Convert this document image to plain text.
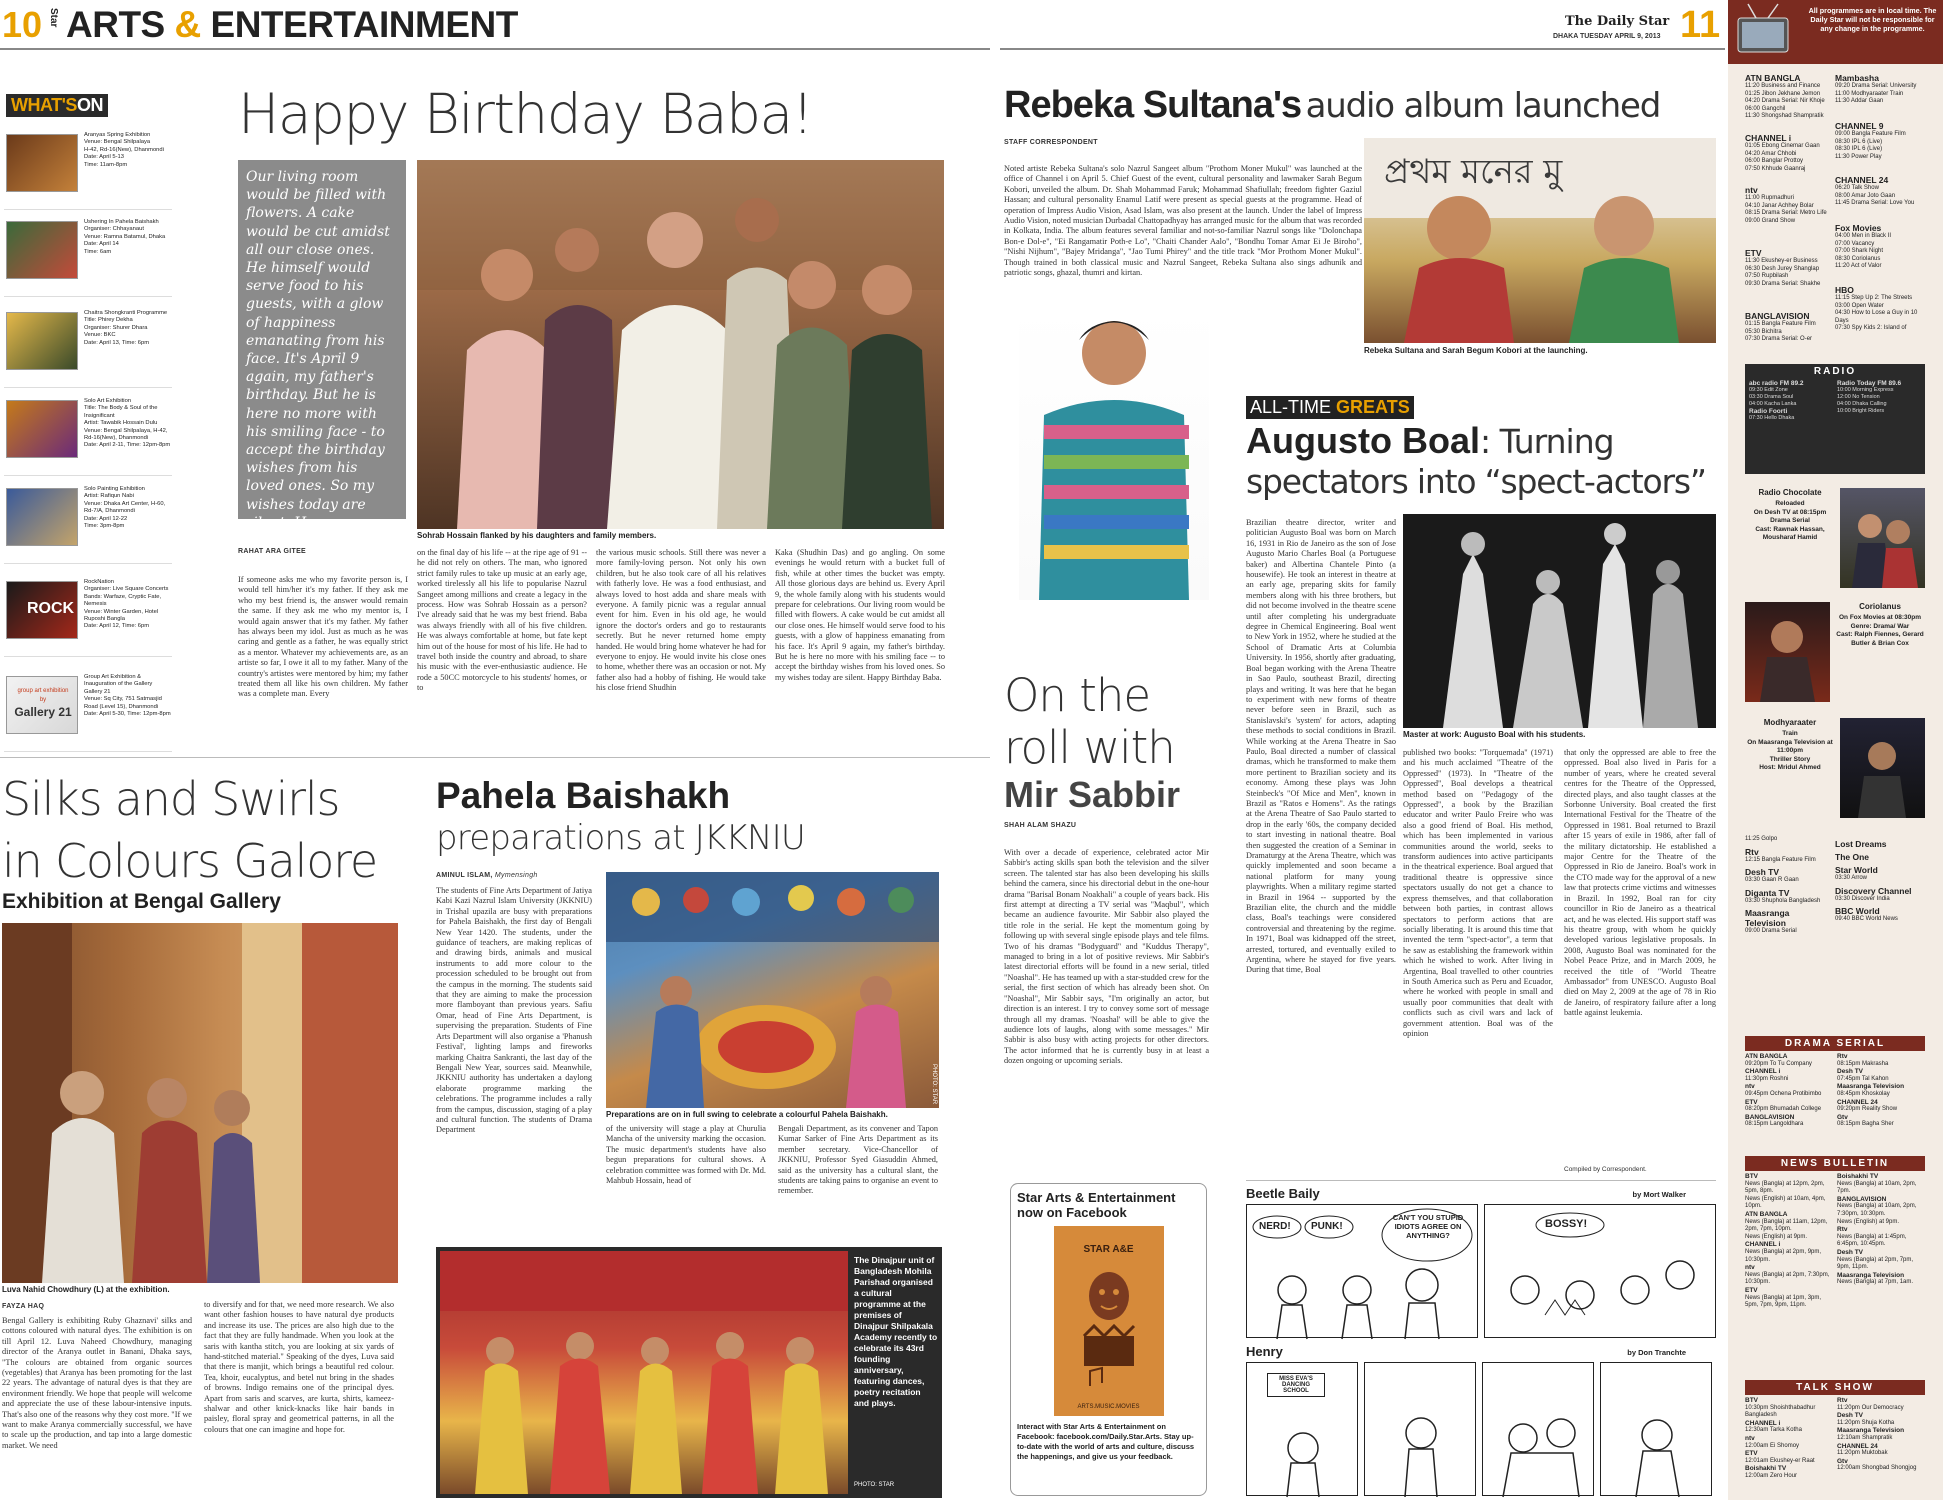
10 Star ARTS & ENTERTAINMENT	The Daily Star
DHAKA TUESDAY APRIL 9, 2013 11
WHAT'SON
Aranyas Spring Exhibition
Venue: Bengal Shilpalaya
H-42, Rd-16(New), Dhanmondi
Date: April 5-13
Time: 11am-8pm
Ushering In Pahela Baishakh
Organiser: Chhayanaut
Venue: Ramna Batamul, Dhaka
Date: April 14
Time: 6am
Chaitra Shongkranti Programme
Title: Phirey Dekha
Organiser: Shurer Dhara
Venue: BKC
Date: April 13, Time: 6pm
Solo Art Exhibition
Title: The Body & Soul of the Insignificant
Artist: Tawabik Hossain Dulu
Venue: Bengal Shilpalaya, H-42, Rd-16(New), Dhanmondi
Date: April 2-11, Time: 12pm-8pm
Solo Painting Exhibition
Artist: Rafiqun Nabi
Venue: Dhaka Art Center, H-60, Rd-7/A, Dhanmondi
Date: April 12-22
Time: 3pm-8pm
ROCK
RockNation
Organiser: Live Square Concerts
Bands: Warfaze, Cryptic Fate, Nemesis
Venue: Winter Garden, Hotel Ruposhi Bangla
Date: April 12, Time: 6pm
group art exhibition
by
Gallery 21
Group Art Exhibition & Inauguration of the Gallery
Gallery 21
Venue: Sq City, 751 Satmasjid Road (Level 15), Dhanmondi
Date: April 5-30, Time: 12pm-8pm
Happy Birthday Baba!
Our living room would be filled with flowers. A cake would be cut amidst all our close ones. He himself would serve food to his guests, with a glow of happiness emanating from his face. It's April 9 again, my father's birthday. But he is here no more with his smiling face - to accept the birthday wishes from his loved ones. So my wishes today are silent. Happy Birthday Baba.	Sohrab Hossain flanked by his daughters and family members.
RAHAT ARA GITEE
If someone asks me who my favorite person is, I would tell him/her it's my father. If they ask me who my best friend is, the answer would remain the same. If they ask me who my mentor is, I would again answer that it's my father. My father has always been my idol. Just as much as he was caring and gentle as a father, he was equally strict as a mentor. Whatever my achievements are, as an artiste so far, I owe it all to my father. Many of the country's artistes were mentored by him; my father treated them all like his own children. My father was a complete man. Every
on the final day of his life -- at the ripe age of 91 -- he did not rely on others. The man, who ignored strict family rules to take up music at an early age, worked tirelessly all his life to popularise Nazrul Sangeet among millions and create a legacy in the process. How was Sohrab Hossain as a person? I've already said that he was my best friend. Baba was always friendly with all of his five children. He was always comfortable at home, but fate kept him out of the house for most of his life. He had to travel both inside the country and abroad, to share his music with the ever-enthusiastic audience. He rode a 50CC motorcycle to his students' homes, or to
the various music schools. Still there was never a more family-loving person. Not only his own children, but he also took care of all his relatives with fatherly love. He was a food enthusiast, and always loved to host adda and share meals with everyone. A family picnic was a regular annual event for him. Even in his old age, he would ignore the doctor's orders and go to restaurants secretly. But he never returned home empty handed. He would bring home whatever he had for everyone to enjoy. He would invite his close ones to home, whether there was an occasion or not. My father also had a hobby of fishing. He would take his close friend Shudhin
Kaka (Shudhin Das) and go angling. On some evenings he would return with a bucket full of fish, while at other times the bucket was empty. All those glorious days are behind us. Every April 9, the whole family along with his students would prepare for celebrations. Our living room would be filled with flowers. A cake would be cut amidst all our close ones. He himself would serve food to his guests, with a glow of happiness emanating from his face. It's April 9 again, my father's birthday. But he is here no more with his smiling face -- to accept the birthday wishes from his loved ones. So my wishes today are silent. Happy Birthday Baba.
Silks and Swirls
in Colours Galore
Exhibition at Bengal Gallery
Luva Nahid Chowdhury (L) at the exhibition.
FAYZA HAQ
Bengal Gallery is exhibiting Ruby Ghaznavi' silks and cottons coloured with natural dyes. The exhibition is on till April 12. Luva Naheed Chowdhury, managing director of the Aranya outlet in Banani, Dhaka says, "The colours are obtained from organic sources (vegetables) that Aranya has been promoting for the last 22 years. The advantage of natural dyes is that they are environment friendly. We hope that people will welcome and appreciate the use of these labour-intensive inputs. That's also one of the reasons why they cost more. "If we want to make Aranya commercially successful, we have to scale up the production, and tap into a large domestic market. We need
to diversify and for that, we need more research. We also want other fashion houses to have natural dye products and increase its use. The prices are also high due to the fact that they are fully handmade. When you look at the saris with kantha stitch, you are looking at six yards of hand-stitched material." Speaking of the dyes, Luva said that there is manjit, which brings a beautiful red colour. Tea, khoir, eucalyptus, and betel nut bring in the shades of browns. Indigo remains one of the principal dyes. Apart from saris and scarves, are kurta, shirts, kameez-shalwar and other knick-knacks like hair bands in paisley, floral spray and geometrical patterns, in all the colours that one can imagine and hope for.
Pahela Baishakh
preparations at JKKNIU
AMINUL ISLAM, Mymensingh
The students of Fine Arts Department of Jatiya Kabi Kazi Nazrul Islam University (JKKNIU) in Trishal upazila are busy with preparations for Pahela Baishakh, the first day of Bengali New Year 1420. The students, under the guidance of teachers, are making replicas of and drawing birds, animals and musical instruments to add more colour to the procession scheduled to be brought out from the campus in the morning. The students said that they are aiming to make the procession more flamboyant than previous years. Safiu Omar, head of Fine Arts Department, is supervising the preparation. Students of Fine Arts Department will also organise a 'Phanush Festival', lighting lamps and fireworks marking Chaitra Sankranti, the last day of the Bengali New Year, sources said. Meanwhile, JKKNIU authority has undertaken a daylong elaborate programme marking the celebrations. The programme includes a rally from the campus, discussion, staging of a play and cultural function. The students of Drama Department
PHOTO: STAR
Preparations are on in full swing to celebrate a colourful Pahela Baishakh.
of the university will stage a play at Churulia Mancha of the university marking the occasion. The music department's students have also begun preparations for cultural shows. A celebration committee was formed with Dr. Md. Mahbub Hossain, head of
Bengali Department, as its convener and Tapon Kumar Sarker of Fine Arts Department as its member secretary. Vice-Chancellor of JKKNIU, Professor Syed Giasuddin Ahmed, said as the university has a cultural slant, the students are taking pains to organise an event to remember.
The Dinajpur unit of Bangladesh Mohila Parishad organised a cultural programme at the premises of Dinajpur Shilpakala Academy recently to celebrate its 43rd founding anniversary, featuring dances, poetry recitation and plays.
PHOTO: STAR
Rebeka Sultana's audio album launched
STAFF CORRESPONDENT
Noted artiste Rebeka Sultana's solo Nazrul Sangeet album "Prothom Moner Mukul" was launched at the office of Channel i on April 5. Chief Guest of the event, cultural personality and lawmaker Sarah Begum Kobori, unveiled the album. Dr. Shah Mohammad Faruk; Mohammad Shafiullah; freedom fighter Gaziul Hassan; and cultural personality Enamul Latif were present as special guests at the programme. Head of operation of Impress Audio Vision, Asad Islam, was also present at the launch. Under the label of Impress Audio Vision, noted musician Durbadal Chattopadhyay has arranged music for the album that was recorded in Kolkata, India. The album features several familiar and not-so-familiar Nazrul songs like "Dolonchapa Bon-e Dol-e", "Ei Rangamatir Poth-e Lo", "Chaiti Chander Aalo", "Bondhu Tomar Amar Ei Je Biroho", "Nishi Nijhum", "Bajey Mridanga", "Jao Tumi Phirey" and the title track "Mor Prothom Moner Mukul". Though trained in both classical music and Nazrul Sangeet, Rebeka Sultana also sings adhunik and patriotic songs, ghazal, thumri and kirtan.
প্রথম মনের মু
Rebeka Sultana and Sarah Begum Kobori at the launching.
On the
roll with
Mir Sabbir
SHAH ALAM SHAZU
With over a decade of experience, celebrated actor Mir Sabbir's acting skills span both the television and the silver screen. The talented star has also been developing his skills behind the camera, since his directorial debut in the one-hour drama "Barisal Bonam Noakhali" a couple of years back. His first attempt at directing a TV serial was "Maqbul", which became an audience favourite. Mir Sabbir also played the title role in the serial. He kept the momentum going by following up with several single episode plays and tele films. Two of his dramas "Bodyguard" and "Kuddus Therapy", managed to bring in a lot of positive reviews. Mir Sabbir's latest directorial efforts will be found in a new serial, titled "Noashal". He has teamed up with a star-studded crew for the serial, the first section of which has already been shot. On "Noashal", Mir Sabbir says, "I'm originally an actor, but direction is an interest. I try to convey some sort of message through all my dramas. 'Noashal' will be able to give the audience lots of laughs, along with some messages." Mir Sabbir is also busy with acting projects for other directors. The actor informed that he is currently busy in at least a dozen ongoing or upcoming serials.
ALL-TIME GREATS
Augusto Boal: Turning
spectators into “spect-actors”
Brazilian theatre director, writer and politician Augusto Boal was born on March 16, 1931 in Rio de Janeiro as the son of Jose Augusto Mario Charles Boal (a Portuguese baker) and Albertina Chantele Pinto (a housewife). He took an interest in theatre at an early age, preparing skits for family members along with his three brothers, but did not become involved in the theatre scene until after completing his undergraduate degree in Chemical Engineering. Boal went to New York in 1952, where he studied at the School of Dramatic Arts at Columbia University. In 1956, shortly after graduating, Boal began working with the Arena Theatre in Sao Paulo, southeast Brazil, directing plays and writing. It was here that he began to experiment with new forms of theatre never before seen in Brazil, such as Stanislavski's 'system' for actors, adapting these methods to social conditions in Brazil. While working at the Arena Theatre in Sao Paulo, Boal directed a number of classical dramas, which he transformed to make them more pertinent to Brazilian society and its economy. Among these plays was John Steinbeck's "Of Mice and Men", known in Brazil as "Ratos e Homens". As the ratings at the Arena Theatre of Sao Paulo started to drop in the early '60s, the company decided to start investing in national theatre. Boal then suggested the creation of a Seminar in Dramaturgy at the Arena Theatre, which was quickly implemented and soon became a national platform for many young playwrights. When a military regime started in Brazil in 1964 -- supported by the Brazilian elite, the church and the middle class, Boal's teachings were considered controversial and threatening by the regime. In 1971, Boal was kidnapped off the street, arrested, tortured, and eventually exiled to Argentina, where he stayed for five years. During that time, Boal
Master at work: Augusto Boal with his students.
published two books: "Torquemada" (1971) and his much acclaimed "Theatre of the Oppressed" (1973). In "Theatre of the Oppressed", Boal develops a theatrical method based on "Pedagogy of the Oppressed", a book by the Brazilian educator and writer Paulo Freire who was also a good friend of Boal. His method, which has been implemented in various communities around the world, seeks to transform audiences into active participants in the theatrical experience. Boal argued that traditional theatre is oppressive since spectators usually do not get a chance to express themselves, and that collaboration between both parties, in contrast allows spectators to perform actions that are socially liberating. It is around this time that invented the term "spect-actor", a term that he saw as establishing the framework within which he wished to work. After living in Argentina, Boal travelled to other countries in South America such as Peru and Ecuador, where he worked with people in small and usually poor communities that dealt with conflicts such as civil wars and lack of government attention. Boal was of the opinion
that only the oppressed are able to free the oppressed. Boal also lived in Paris for a number of years, where he created several centres for the Theatre of the Oppressed, directed plays, and also taught classes at the Sorbonne University. Boal created the first International Festival for the Theatre of the Oppressed in 1981. Boal returned to Brazil after 15 years of exile in 1986, after fall of the military dictatorship. He established a major Centre for the Theatre of the Oppressed in Rio de Janeiro. Boal's work in the CTO made way for the approval of a new law that protects crime victims and witnesses in Brazil. In 1992, Boal ran for city councillor in Rio de Janeiro as a theatrical act, and he was elected. His support staff was his theatre group, with whom he quickly developed various legislative proposals. In 2008, Augusto Boal was nominated for the Nobel Peace Prize, and in March 2009, he received the title of "World Theatre Ambassador" from UNESCO. Augusto Boal died on May 2, 2009 at the age of 78 in Rio de Janeiro, of respiratory failure after a long battle against leukemia.
Compiled by Correspondent.
Star Arts & Entertainment
now on Facebook
STAR A&E
ARTS.MUSIC.MOVIES
Interact with Star Arts & Entertainment on Facebook: facebook.com/Daily.Star.Arts. Stay up-to-date with the world of arts and culture, discuss the happenings, and give us your feedback.
Beetle Baily	by Mort Walker
NERD! PUNK!
CAN'T YOU STUPID IDIOTS AGREE ON ANYTHING?
BOSSY!
Henry	by Don Tranchte
MISS EVA'S DANCING SCHOOL
All programmes are in local time. The Daily Star will not be responsible for any change in the programme.
ATN BANGLA
11:20 Business and Finance
01:25 Jibon Jekhane Jemon
04:20 Drama Serial: Nir Khoje
06:00 Gangchil
11:30 Shongshad Shampratik
CHANNEL i
01:05 Ebong Cinemar Gaan
04:20 Amar Chhobi
06:00 Banglar Prottoy
07:50 Khhude Gaanraj
ntv
11:00 Rupmadhuri
04:10 Janar Achhey Bolar
08:15 Drama Serial: Metro Life
09:00 Grand Show
ETV
11:30 Ekushey-er Business
06:30 Desh Jurey Shanglap
07:50 Rupbilash
09:30 Drama Serial: Shakhe
BANGLAVISION
01:15 Bangla Feature Film
05:30 Bichitra
07:30 Drama Serial: O-er
Mambasha
09:20 Drama Serial: University
11:00 Modhyaraater Train
11:30 Addar Gaan
CHANNEL 9
09:00 Bangla Feature Film
08:30 IPL 6 (Live)
08:30 IPL 6 (Live)
11:30 Power Play
CHANNEL 24
06:20 Talk Show
08:00 Amar Joto Gaan
11:45 Drama Serial: Love You
Fox Movies
04:00 Men in Black II
07:00 Vacancy
07:00 Shark Night
08:30 Coriolanus
11:20 Act of Valor
HBO
11:15 Step Up 2: The Streets
03:00 Open Water
04:30 How to Lose a Guy in 10 Days
07:30 Spy Kids 2: Island of
RADIO
abc radio FM 89.2
09:30 Edit Zone
03:30 Drama Soul
04:00 Kacha Lanka
Radio Foorti
07:30 Hello Dhaka
Radio Today FM 89.6
10:00 Morning Express
12:00 No Tension
04:00 Dhaka Calling
10:00 Bright Riders
Radio Chocolate
Reloaded
On Desh TV at 08:15pm
Drama Serial
Cast: Rawnak Hassan, Mousharaf Hamid
Coriolanus
On Fox Movies at 08:30pm
Genre: Drama/ War
Cast: Ralph Fiennes, Gerard Butler & Brian Cox
Modhyaraater
Train
On Maasranga Television at 11:00pm
Thriller Story
Host: Mridul Ahmed
11:25 Golpo
Rtv
12:15 Bangla Feature Film
Desh TV
03:30 Gaan R Gaan
Diganta TV
03:30 Shuphola Bangladesh
Maasranga Television
09:00 Drama Serial
Lost Dreams
The One
Star World
03:30 Arrow
Discovery Channel
03:30 Discover India
BBC World
09:40 BBC World News
DRAMA SERIAL
ATN BANGLA
09:20pm To Tu Company
CHANNEL i
11:30pm Roshni
ntv
09:45pm Ochena Protibimbo
ETV
08:20pm Bhumadah College
BANGLAVISION
08:15pm Langoldhara
Rtv
08:15pm Makrasha
Desh TV
07:45pm Tal Kahon
Maasranga Television
08:45pm Khoskolay
CHANNEL 24
09:20pm Reality Show
Gtv
08:15pm Bagha Sher
NEWS BULLETIN
BTV
News (Bangla) at 12pm, 2pm, 5pm, 8pm.
News (English) at 10am, 4pm, 10pm.
ATN BANGLA
News (Bangla) at 11am, 12pm, 2pm, 7pm, 10pm.
News (English) at 9pm.
CHANNEL i
News (Bangla) at 2pm, 9pm, 10:30pm.
ntv
News (Bangla) at 2pm, 7:30pm, 10:30pm.
ETV
News (Bangla) at 1pm, 3pm, 5pm, 7pm, 9pm, 11pm.
Boishakhi TV
News (Bangla) at 10am, 2pm, 7pm.
BANGLAVISION
News (Bangla) at 10am, 2pm, 7:30pm, 10:30pm.
News (English) at 9pm.
Rtv
News (Bangla) at 1:45pm, 6:45pm, 10:45pm.
Desh TV
News (Bangla) at 2pm, 7pm, 9pm, 11pm.
Maasranga Television
News (Bangla) at 7pm, 1am.
TALK SHOW
BTV
10:30pm Shoishthabadhur Bangladesh
CHANNEL i
12:30am Tarka Kotha
ntv
12:00am Ei Shomoy
ETV
12:01am Ekushey-er Raat
Boishakhi TV
12:00am Zero Hour
Rtv
11:20pm Our Democracy
Desh TV
11:20pm Shuja Kotha
Maasranga Television
12:10am Shampratik
CHANNEL 24
11:20pm Muktobak
Gtv
12:00am Shongbad Shongjog
